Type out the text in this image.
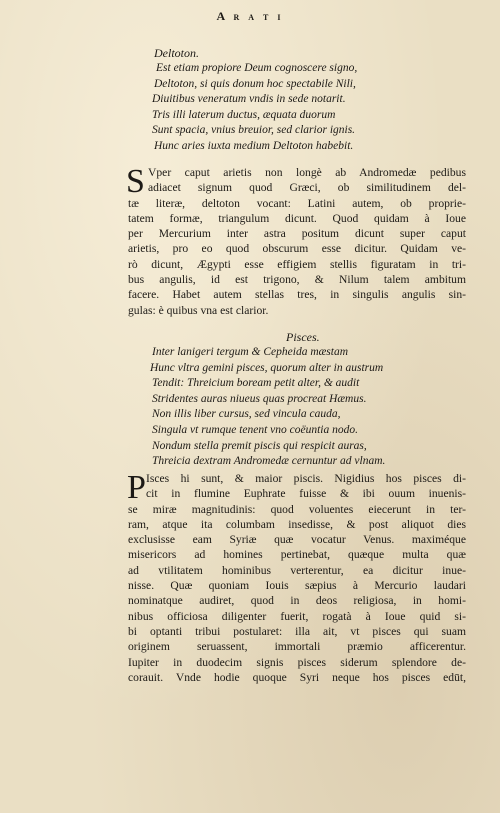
A r a t i

Deltoton.

Est etiam propiore Deum cognoscere signo,

Deltoton, si quis donum hoc spectabile Nili,

Diuitibus veneratum vndis in sede notarit.

Tris illi laterum ductus, æquata duorum

Sunt spacia, vnius breuior, sed clarior ignis.

Hunc aries iuxta medium Deltoton habebit.

S Vper caput arietis non longè ab Andromedæ pedibus

adiacet signum quod Græci, ob similitudinem del-

tæ literæ, deltoton vocant: Latini autem, ob proprie-

tatem formæ, triangulum dicunt. Quod quidam à Ioue

per Mercurium inter astra positum dicunt super caput

arietis, pro eo quod obscurum esse dicitur. Quidam ve-

rò dicunt, Ægypti esse effigiem stellis figuratam in tri-

bus angulis, id est trigono, & Nilum talem ambitum

facere. Habet autem stellas tres, in singulis angulis sin-

gulas: è quibus vna est clarior.

Pisces.

Inter lanigeri tergum & Cepheida mæstam

Hunc vltra gemini pisces, quorum alter in austrum

Tendit: Threicium boream petit alter, & audit

Stridentes auras niueus quas procreat Hæmus.

Non illis liber cursus, sed vincula cauda,

Singula vt rumque tenent vno coëuntia nodo.

Nondum stella premit piscis qui respicit auras,

Threicia dextram Andromedæ cernuntur ad vlnam.

P Isces hi sunt, & maior piscis. Nigidius hos pisces di-

cit in flumine Euphrate fuisse & ibi ouum inuenis-

se miræ magnitudinis: quod voluentes eiecerunt in ter-

ram, atque ita columbam insedisse, & post aliquot dies

exclusisse eam Syriæ quæ vocatur Venus. maximéque

misericors ad homines pertinebat, quæque multa quæ

ad vtilitatem hominibus verterentur, ea dicitur inue-

nisse. Quæ quoniam Iouis sæpius à Mercurio laudari

nominatque audiret, quod in deos religiosa, in homi-

nibus officiosa diligenter fuerit, rogatà à Ioue quid si-

bi optanti tribui postularet: illa ait, vt pisces qui suam

originem seruassent, immortali præmio afficerentur.

Iupiter in duodecim signis pisces siderum splendore de-

corauit. Vnde hodie quoque Syri neque hos pisces edūt,
